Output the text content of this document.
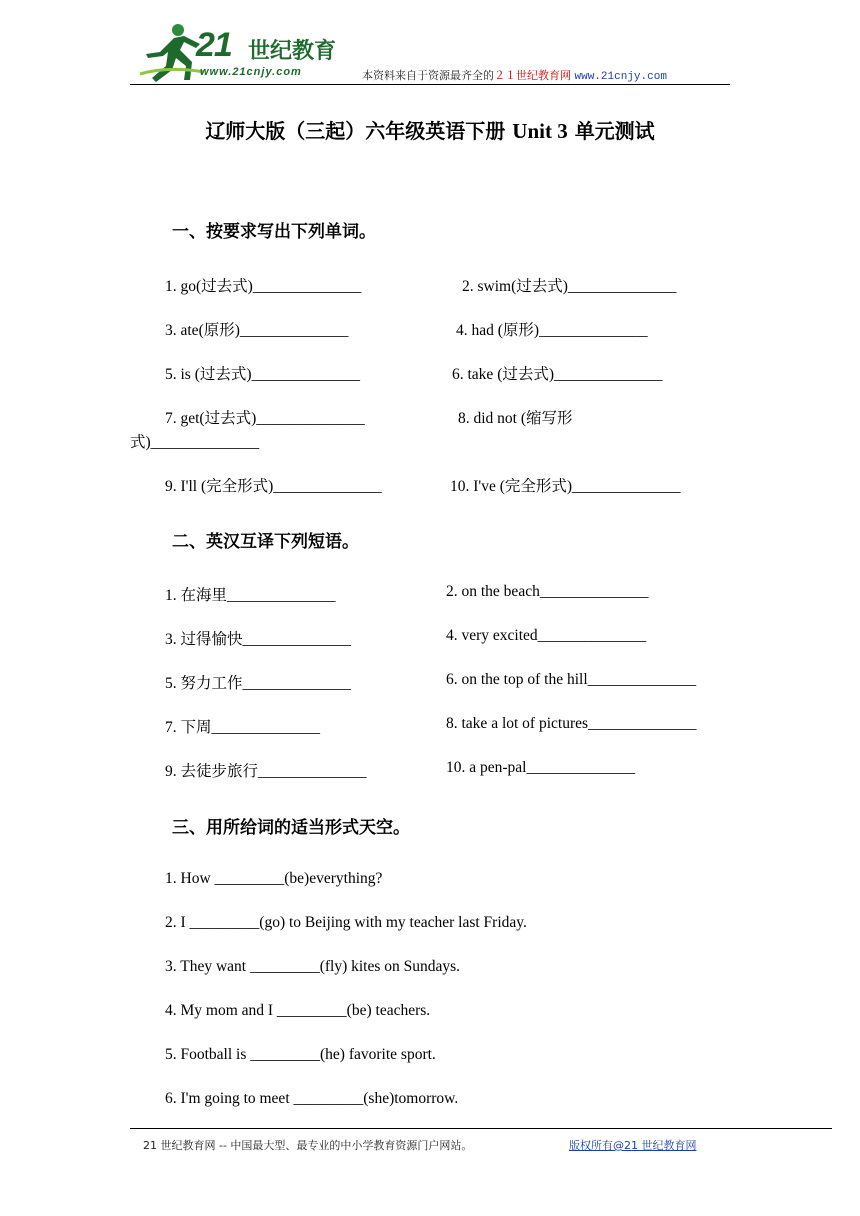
21 世纪教育
www.21cnjy.com	本资料来自于资源最齐全的２１世纪教育网 www.21cnjy.com
辽师大版（三起）六年级英语下册 Unit 3 单元测试
一、按要求写出下列单词。
1. go(过去式)______________	2. swim(过去式)______________
3. ate(原形)______________	4. had (原形)______________
5. is (过去式)______________	6. take (过去式)______________
7. get(过去式)______________	8. did not (缩写形
式)______________
9. I'll (完全形式)______________	10. I've (完全形式)______________
二、英汉互译下列短语。
1. 在海里______________	2. on the beach______________
3. 过得愉快______________	4. very excited______________
5. 努力工作______________	6. on the top of the hill______________
7. 下周______________	8. take a lot of pictures______________
9. 去徒步旅行______________	10. a pen-pal______________
三、用所给词的适当形式天空。
1. How _________(be)everything?
2. I _________(go) to Beijing with my teacher last Friday.
3. They want _________(fly) kites on Sundays.
4. My mom and I _________(be) teachers.
5. Football is _________(he) favorite sport.
6. I'm going to meet _________(she)tomorrow.
21 世纪教育网 -- 中国最大型、最专业的中小学教育资源门户网站。	版权所有@21 世纪教育网
